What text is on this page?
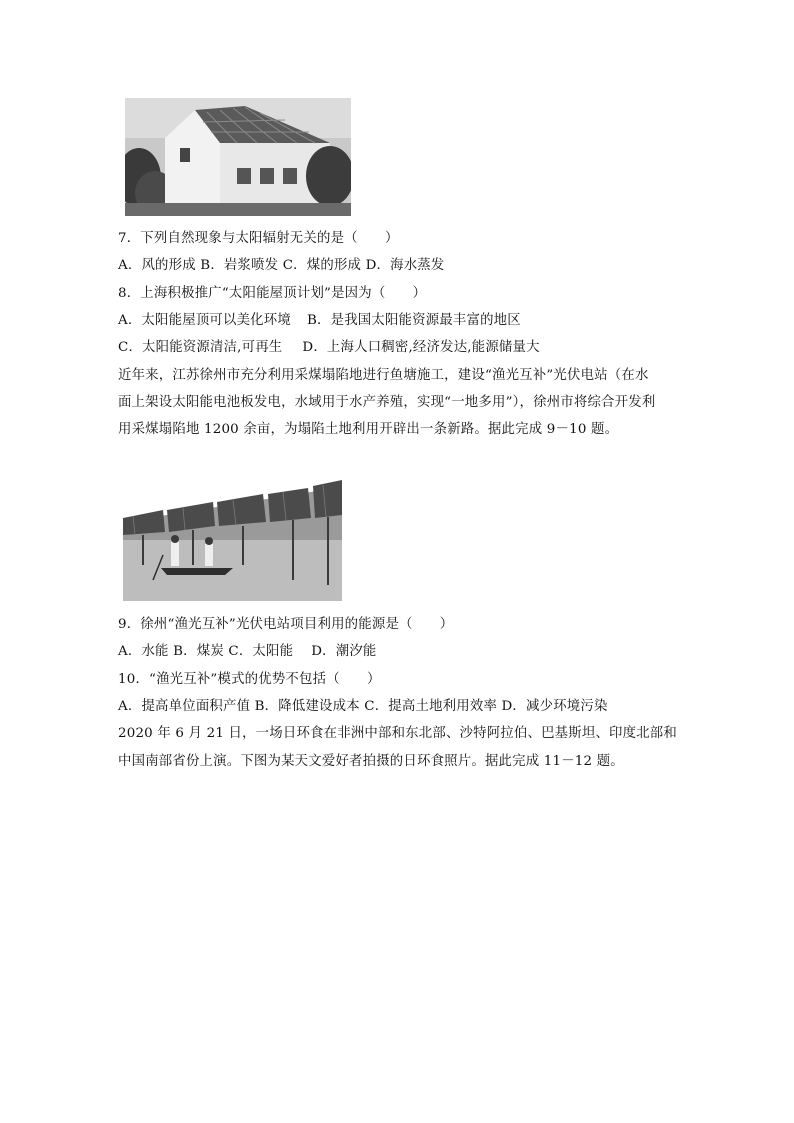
7．下列自然现象与太阳辐射无关的是（　　）
A．风的形成 B．岩浆喷发 C．煤的形成 D．海水蒸发
8．上海积极推广“太阳能屋顶计划”是因为（　　）
A．太阳能屋顶可以美化环境 B．是我国太阳能资源最丰富的地区
C．太阳能资源清洁,可再生 D．上海人口稠密,经济发达,能源储量大
近年来，江苏徐州市充分利用采煤塌陷地进行鱼塘施工，建设“渔光互补”光伏电站（在水
面上架设太阳能电池板发电，水域用于水产养殖，实现“一地多用”），徐州市将综合开发利
用采煤塌陷地 1200 余亩，为塌陷土地利用开辟出一条新路。据此完成 9－10 题。
9．徐州“渔光互补”光伏电站项目利用的能源是（　　）
A．水能 B．煤炭 C．太阳能　 D．潮汐能
10．“渔光互补”模式的优势不包括（　　）
A．提高单位面积产值 B．降低建设成本 C．提高土地利用效率 D．减少环境污染
2020 年 6 月 21 日，一场日环食在非洲中部和东北部、沙特阿拉伯、巴基斯坦、印度北部和
中国南部省份上演。下图为某天文爱好者拍摄的日环食照片。据此完成 11－12 题。
